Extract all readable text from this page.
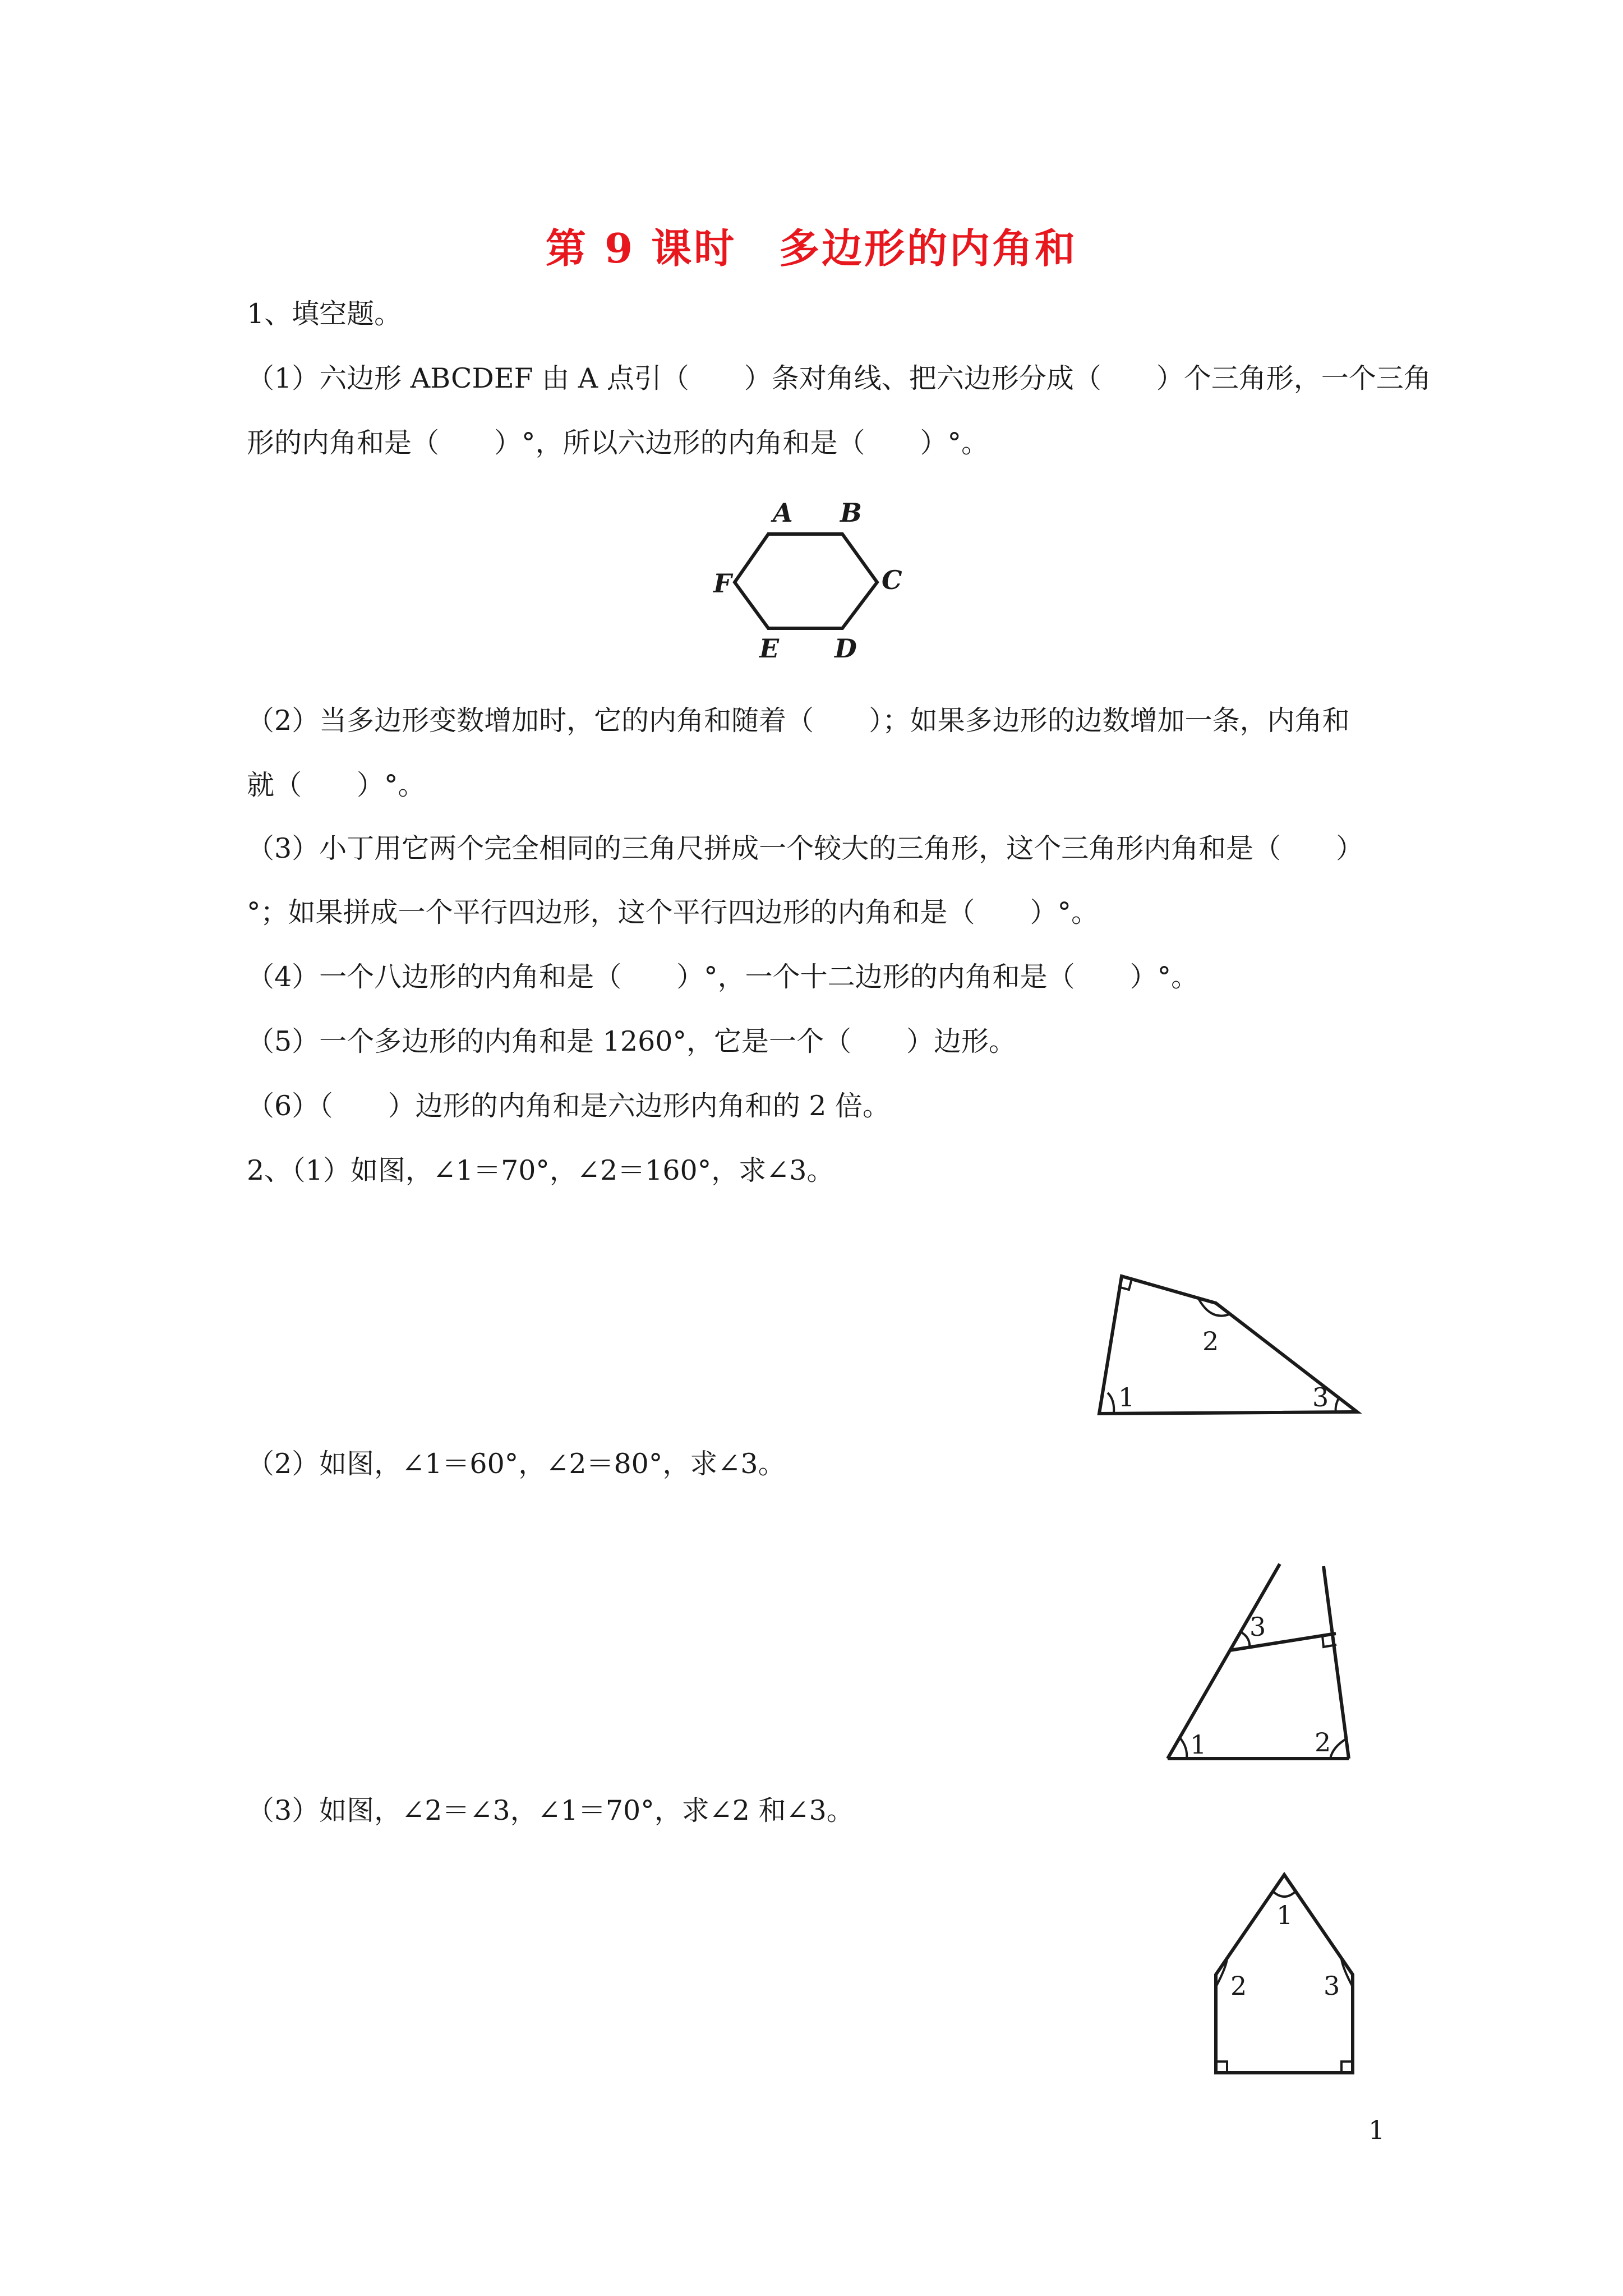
第 9 课时　多边形的内角和
1、填空题。
（1）六边形 ABCDEF 由 A 点引（　　）条对角线、把六边形分成（　　）个三角形，一个三角
形的内角和是（　　）°，所以六边形的内角和是（　　）°。
A B
C
D
E
F
（2）当多边形变数增加时，它的内角和随着（　　）；如果多边形的边数增加一条，内角和
就（　　）°。
（3）小丁用它两个完全相同的三角尺拼成一个较大的三角形，这个三角形内角和是（　　）
°；如果拼成一个平行四边形，这个平行四边形的内角和是（　　）°。
（4）一个八边形的内角和是（　　）°，一个十二边形的内角和是（　　）°。
（5）一个多边形的内角和是 1260°，它是一个（　　）边形。
（6）（　　）边形的内角和是六边形内角和的 2 倍。
2、（1）如图，∠1＝70°，∠2＝160°，求∠3。
2
1	3
（2）如图，∠1＝60°，∠2＝80°，求∠3。
3
1	2
（3）如图，∠2＝∠3，∠1＝70°，求∠2 和∠3。
1
2	3
1
